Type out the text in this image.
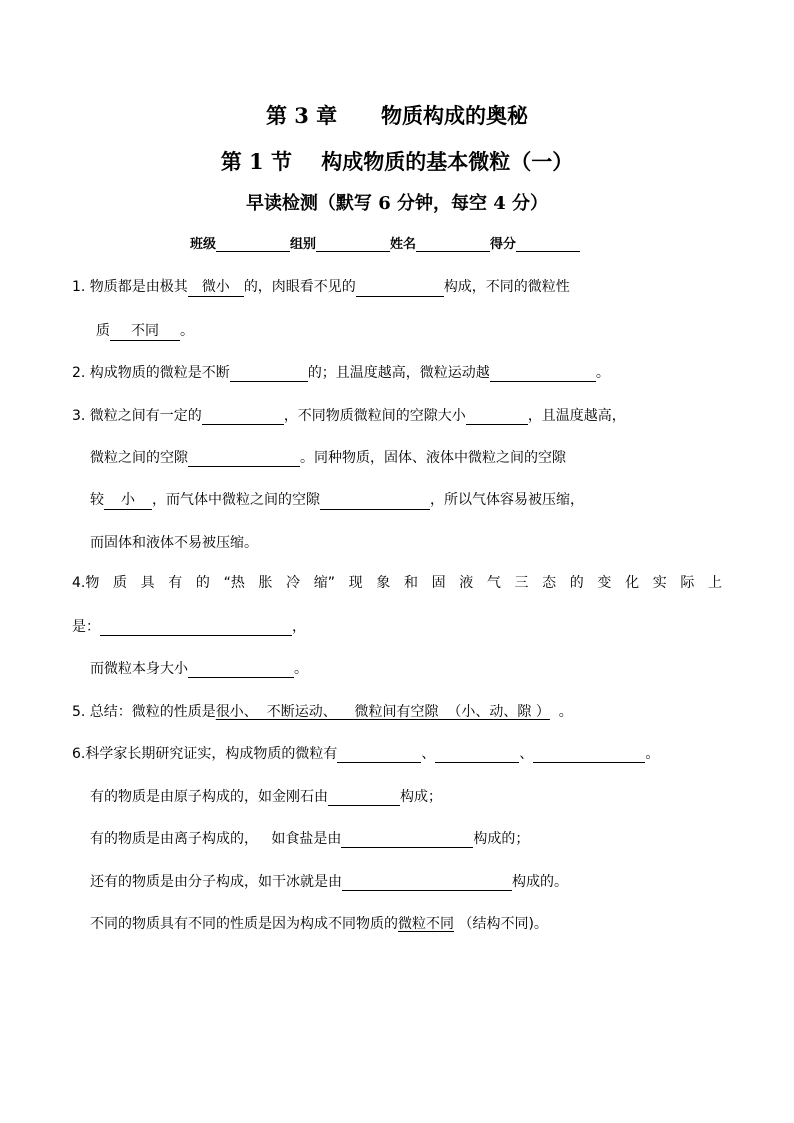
第 3 章      物质构成的奥秘
第 1 节    构成物质的基本微粒（一）
早读检测（默写 6 分钟，每空 4 分）
班级	组别	姓名	得分
1. 物质都是由极其 微小 的，肉眼看不见的	构成，不同的微粒性
质 不同 。
2. 构成物质的微粒是不断	的；且温度越高，微粒运动越	。
3. 微粒之间有一定的	，不同物质微粒间的空隙大小	，且温度越高，
微粒之间的空隙	。同种物质，固体、液体中微粒之间的空隙
较 小 ，而气体中微粒之间的空隙	，所以气体容易被压缩，
而固体和液体不易被压缩。
4.物 质 具 有 的 “热 胀 冷 缩” 现 象 和 固 液 气 三 态 的 变 化 实 际 上
是：	，
而微粒本身大小	。
5. 总结：微粒的性质是很小、  不断运动、    微粒间有空隙  （小、动、隙 ） 。
6.科学家长期研究证实，构成物质的微粒有	、	、	。
有的物质是由原子构成的，如金刚石由	构成；
有的物质是由离子构成的，   如食盐是由	构成的；
还有的物质是由分子构成，如干冰就是由	构成的。
不同的物质具有不同的性质是因为构成不同物质的微粒不同 （结构不同)。
